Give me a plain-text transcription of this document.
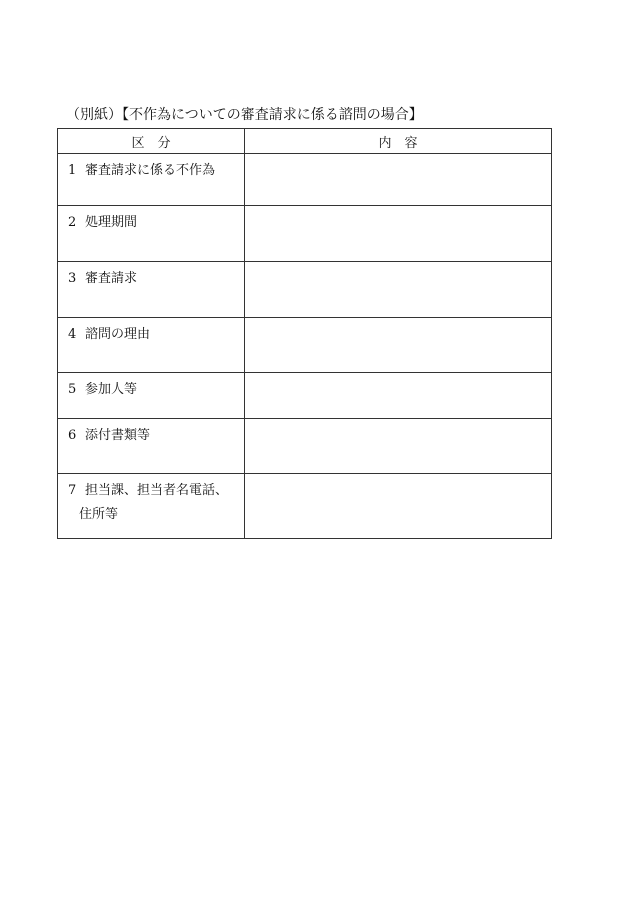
（別紙）【不作為についての審査請求に係る諮問の場合】
区　分	内　容
1 審査請求に係る不作為	
2 処理期間	
3 審査請求	
4 諮問の理由	
5 参加人等	
6 添付書類等	
7 担当課、担当者名電話、
住所等	
